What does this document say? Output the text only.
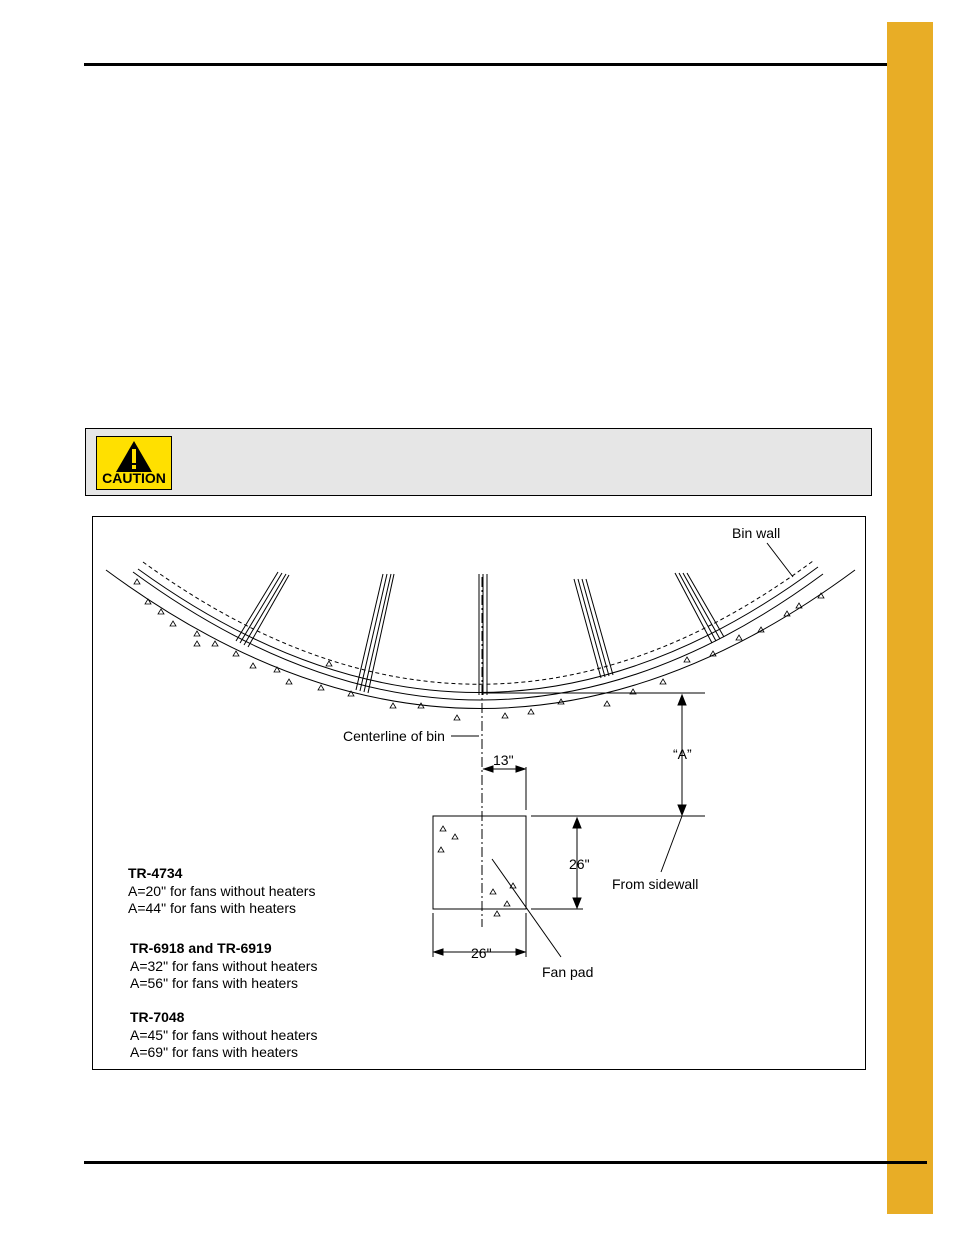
CAUTION
Bin wall
Centerline of bin
13"	“A”
26"
26"
From sidewall
Fan pad
TR-4734
A=20" for fans without heaters
A=44" for fans with heaters
TR-6918 and TR-6919
A=32" for fans without heaters
A=56" for fans with heaters
TR-7048
A=45" for fans without heaters
A=69" for fans with heaters
